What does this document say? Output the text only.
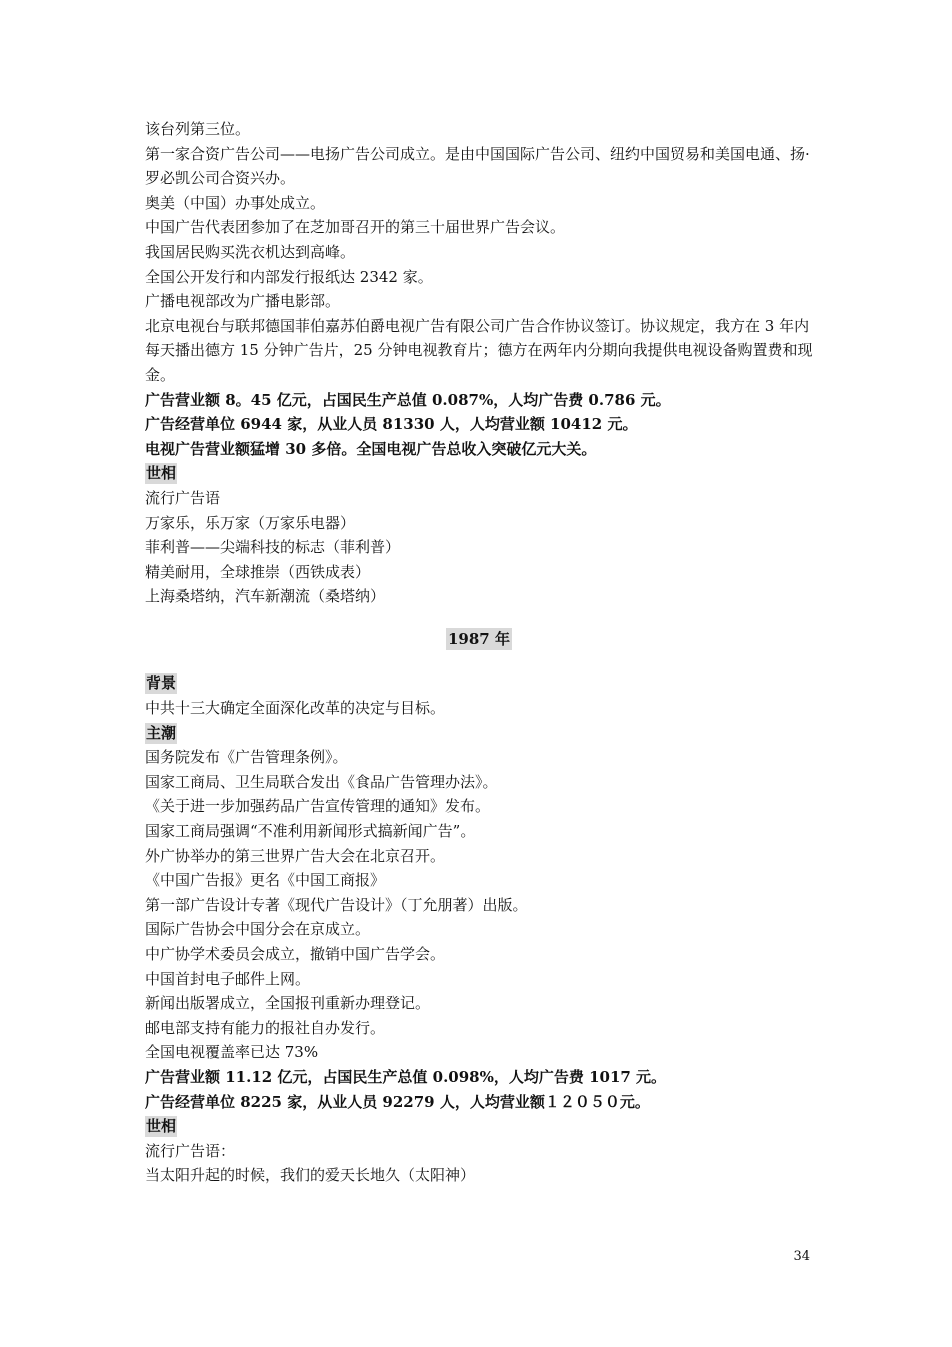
该台列第三位。
第一家合资广告公司——电扬广告公司成立。是由中国国际广告公司、纽约中国贸易和美国电通、扬·罗必凯公司合资兴办。
奥美（中国）办事处成立。
中国广告代表团参加了在芝加哥召开的第三十届世界广告会议。
我国居民购买洗衣机达到高峰。
全国公开发行和内部发行报纸达 2342 家。
广播电视部改为广播电影部。
北京电视台与联邦德国菲伯嘉苏伯爵电视广告有限公司广告合作协议签订。协议规定，我方在 3 年内每天播出德方 15 分钟广告片，25 分钟电视教育片；德方在两年内分期向我提供电视设备购置费和现金。
广告营业额 8。45 亿元，占国民生产总值 0.087%，人均广告费 0.786 元。
广告经营单位 6944 家，从业人员 81330 人，人均营业额 10412 元。
电视广告营业额猛增 30 多倍。全国电视广告总收入突破亿元大关。
世相
流行广告语
万家乐，乐万家（万家乐电器）
菲利普——尖端科技的标志（菲利普）
精美耐用，全球推崇（西铁成表）
上海桑塔纳，汽车新潮流（桑塔纳）
1987 年
背景
中共十三大确定全面深化改革的决定与目标。
主潮
国务院发布《广告管理条例》。
国家工商局、卫生局联合发出《食品广告管理办法》。
《关于进一步加强药品广告宣传管理的通知》发布。
国家工商局强调“不准利用新闻形式搞新闻广告”。
外广协举办的第三世界广告大会在北京召开。
《中国广告报》更名《中国工商报》
第一部广告设计专著《现代广告设计》（丁允朋著）出版。
国际广告协会中国分会在京成立。
中广协学术委员会成立，撤销中国广告学会。
中国首封电子邮件上网。
新闻出版署成立，全国报刊重新办理登记。
邮电部支持有能力的报社自办发行。
全国电视覆盖率已达 73%
广告营业额 11.12 亿元，占国民生产总值 0.098%，人均广告费 1017 元。
广告经营单位 8225 家，从业人员 92279 人，人均营业额１２０５０元。
世相
流行广告语：
当太阳升起的时候，我们的爱天长地久（太阳神）
34
